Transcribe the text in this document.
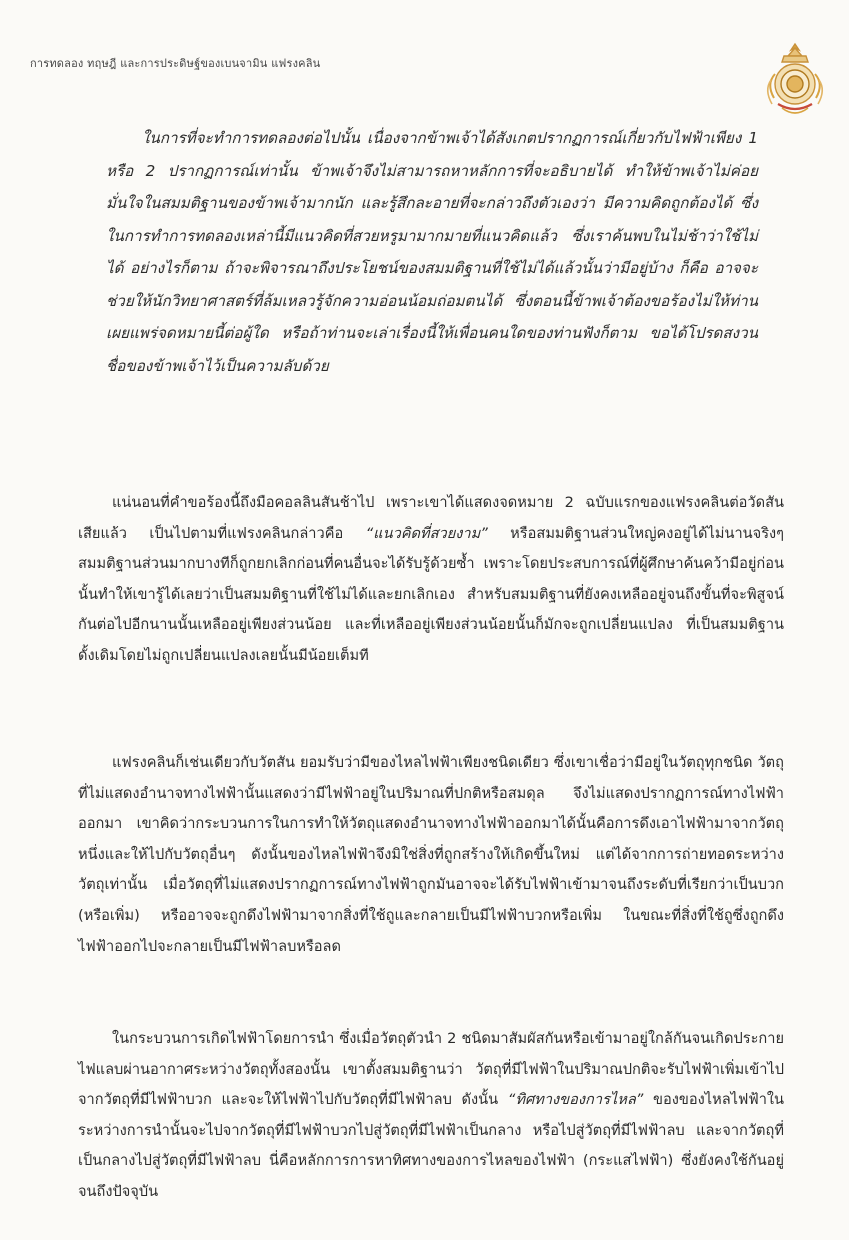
การทดลอง ทฤษฎี และการประดิษฐ์ของเบนจามิน แฟรงคลิน
ในการที่จะทำการทดลองต่อไปนั้น เนื่องจากข้าพเจ้าได้สังเกตปรากฏการณ์เกี่ยวกับไฟฟ้าเพียง 1 หรือ 2 ปรากฏการณ์เท่านั้น ข้าพเจ้าจึงไม่สามารถหาหลักการที่จะอธิบายได้ ทำให้ข้าพเจ้าไม่ค่อยมั่นใจในสมมติฐานของข้าพเจ้ามากนัก และรู้สึกละอายที่จะกล่าวถึงตัวเองว่า มีความคิดถูกต้องได้ ซึ่งในการทำการทดลองเหล่านี้มีแนวคิดที่สวยหรูมามากมายที่แนวคิดแล้ว ซึ่งเราค้นพบในไม่ช้าว่าใช้ไม่ได้ อย่างไรก็ตาม ถ้าจะพิจารณาถึงประโยชน์ของสมมติฐานที่ใช้ไม่ได้แล้วนั้นว่ามีอยู่บ้าง ก็คือ อาจจะช่วยให้นักวิทยาศาสตร์ที่ล้มเหลวรู้จักความอ่อนน้อมถ่อมตนได้ ซึ่งตอนนี้ข้าพเจ้าต้องขอร้องไม่ให้ท่านเผยแพร่จดหมายนี้ต่อผู้ใด หรือถ้าท่านจะเล่าเรื่องนี้ให้เพื่อนคนใดของท่านฟังก็ตาม ขอได้โปรดสงวนชื่อของข้าพเจ้าไว้เป็นความลับด้วย
แน่นอนที่คำขอร้องนี้ถึงมือคอลลินสันช้าไป เพราะเขาได้แสดงจดหมาย 2 ฉบับแรกของแฟรงคลินต่อวัดสันเสียแล้ว เป็นไปตามที่แฟรงคลินกล่าวคือ “แนวคิดที่สวยงาม” หรือสมมติฐานส่วนใหญ่คงอยู่ได้ไม่นานจริงๆ สมมติฐานส่วนมากบางทีก็ถูกยกเลิกก่อนที่คนอื่นจะได้รับรู้ด้วยซ้ำ เพราะโดยประสบการณ์ที่ผู้ศึกษาค้นคว้ามีอยู่ก่อนนั้นทำให้เขารู้ได้เลยว่าเป็นสมมติฐานที่ใช้ไม่ได้และยกเลิกเอง สำหรับสมมติฐานที่ยังคงเหลืออยู่จนถึงขั้นที่จะพิสูจน์กันต่อไปอีกนานนั้นเหลืออยู่เพียงส่วนน้อย และที่เหลืออยู่เพียงส่วนน้อยนั้นก็มักจะถูกเปลี่ยนแปลง ที่เป็นสมมติฐานดั้งเดิมโดยไม่ถูกเปลี่ยนแปลงเลยนั้นมีน้อยเต็มที
แฟรงคลินก็เช่นเดียวกับวัตสัน ยอมรับว่ามีของไหลไฟฟ้าเพียงชนิดเดียว ซึ่งเขาเชื่อว่ามีอยู่ในวัตถุทุกชนิด วัตถุที่ไม่แสดงอำนาจทางไฟฟ้านั้นแสดงว่ามีไฟฟ้าอยู่ในปริมาณที่ปกติหรือสมดุล จึงไม่แสดงปรากฏการณ์ทางไฟฟ้าออกมา เขาคิดว่ากระบวนการในการทำให้วัตถุแสดงอำนาจทางไฟฟ้าออกมาได้นั้นคือการดึงเอาไฟฟ้ามาจากวัตถุหนึ่งและให้ไปกับวัตถุอื่นๆ ดังนั้นของไหลไฟฟ้าจึงมิใช่สิ่งที่ถูกสร้างให้เกิดขึ้นใหม่ แต่ได้จากการถ่ายทอดระหว่างวัตถุเท่านั้น เมื่อวัตถุที่ไม่แสดงปรากฏการณ์ทางไฟฟ้าถูกมันอาจจะได้รับไฟฟ้าเข้ามาจนถึงระดับที่เรียกว่าเป็นบวก (หรือเพิ่ม) หรืออาจจะถูกดึงไฟฟ้ามาจากสิ่งที่ใช้ถูและกลายเป็นมีไฟฟ้าบวกหรือเพิ่ม ในขณะที่สิ่งที่ใช้ถูซึ่งถูกดึงไฟฟ้าออกไปจะกลายเป็นมีไฟฟ้าลบหรือลด
ในกระบวนการเกิดไฟฟ้าโดยการนำ ซึ่งเมื่อวัตถุตัวนำ 2 ชนิดมาสัมผัสกันหรือเข้ามาอยู่ใกล้กันจนเกิดประกายไฟแลบผ่านอากาศระหว่างวัตถุทั้งสองนั้น เขาตั้งสมมติฐานว่า วัตถุที่มีไฟฟ้าในปริมาณปกติจะรับไฟฟ้าเพิ่มเข้าไปจากวัตถุที่มีไฟฟ้าบวก และจะให้ไฟฟ้าไปกับวัตถุที่มีไฟฟ้าลบ ดังนั้น “ทิศทางของการไหล” ของของไหลไฟฟ้าในระหว่างการนำนั้นจะไปจากวัตถุที่มีไฟฟ้าบวกไปสู่วัตถุที่มีไฟฟ้าเป็นกลาง หรือไปสู่วัตถุที่มีไฟฟ้าลบ และจากวัตถุที่เป็นกลางไปสู่วัตถุที่มีไฟฟ้าลบ นี่คือหลักการการหาทิศทางของการไหลของไฟฟ้า (กระแสไฟฟ้า) ซึ่งยังคงใช้กันอยู่จนถึงปัจจุบัน
